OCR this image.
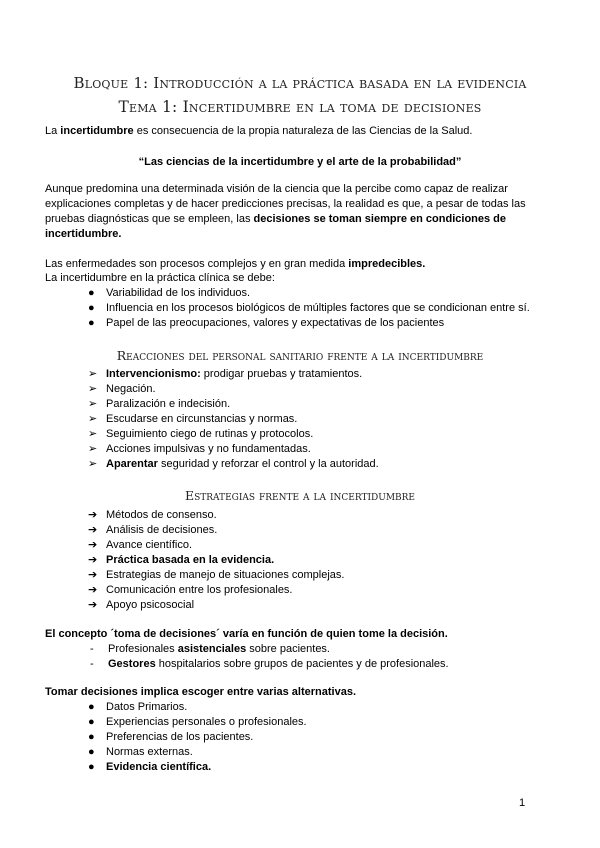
Bloque 1: Introducción a la práctica basada en la evidencia
Tema 1: Incertidumbre en la toma de decisiones
La incertidumbre es consecuencia de la propia naturaleza de las Ciencias de la Salud.
“Las ciencias de la incertidumbre y el arte de la probabilidad”
Aunque predomina una determinada visión de la ciencia que la percibe como capaz de realizar explicaciones completas y de hacer predicciones precisas, la realidad es que, a pesar de todas las pruebas diagnósticas que se empleen, las decisiones se toman siempre en condiciones de incertidumbre.
Las enfermedades son procesos complejos y en gran medida impredecibles.
La incertidumbre en la práctica clínica se debe:
● Variabilidad de los individuos.
● Influencia en los procesos biológicos de múltiples factores que se condicionan entre sí.
● Papel de las preocupaciones, valores y expectativas de los pacientes
Reacciones del personal sanitario frente a la incertidumbre
➢ Intervencionismo: prodigar pruebas y tratamientos.
➢ Negación.
➢ Paralización e indecisión.
➢ Escudarse en circunstancias y normas.
➢ Seguimiento ciego de rutinas y protocolos.
➢ Acciones impulsivas y no fundamentadas.
➢ Aparentar seguridad y reforzar el control y la autoridad.
Estrategias frente a la incertidumbre
➔ Métodos de consenso.
➔ Análisis de decisiones.
➔ Avance científico.
➔ Práctica basada en la evidencia.
➔ Estrategias de manejo de situaciones complejas.
➔ Comunicación entre los profesionales.
➔ Apoyo psicosocial
El concepto ´toma de decisiones´ varía en función de quien tome la decisión.
- Profesionales asistenciales sobre pacientes.
- Gestores hospitalarios sobre grupos de pacientes y de profesionales.
Tomar decisiones implica escoger entre varias alternativas.
● Datos Primarios.
● Experiencias personales o profesionales.
● Preferencias de los pacientes.
● Normas externas.
● Evidencia científica.
1
